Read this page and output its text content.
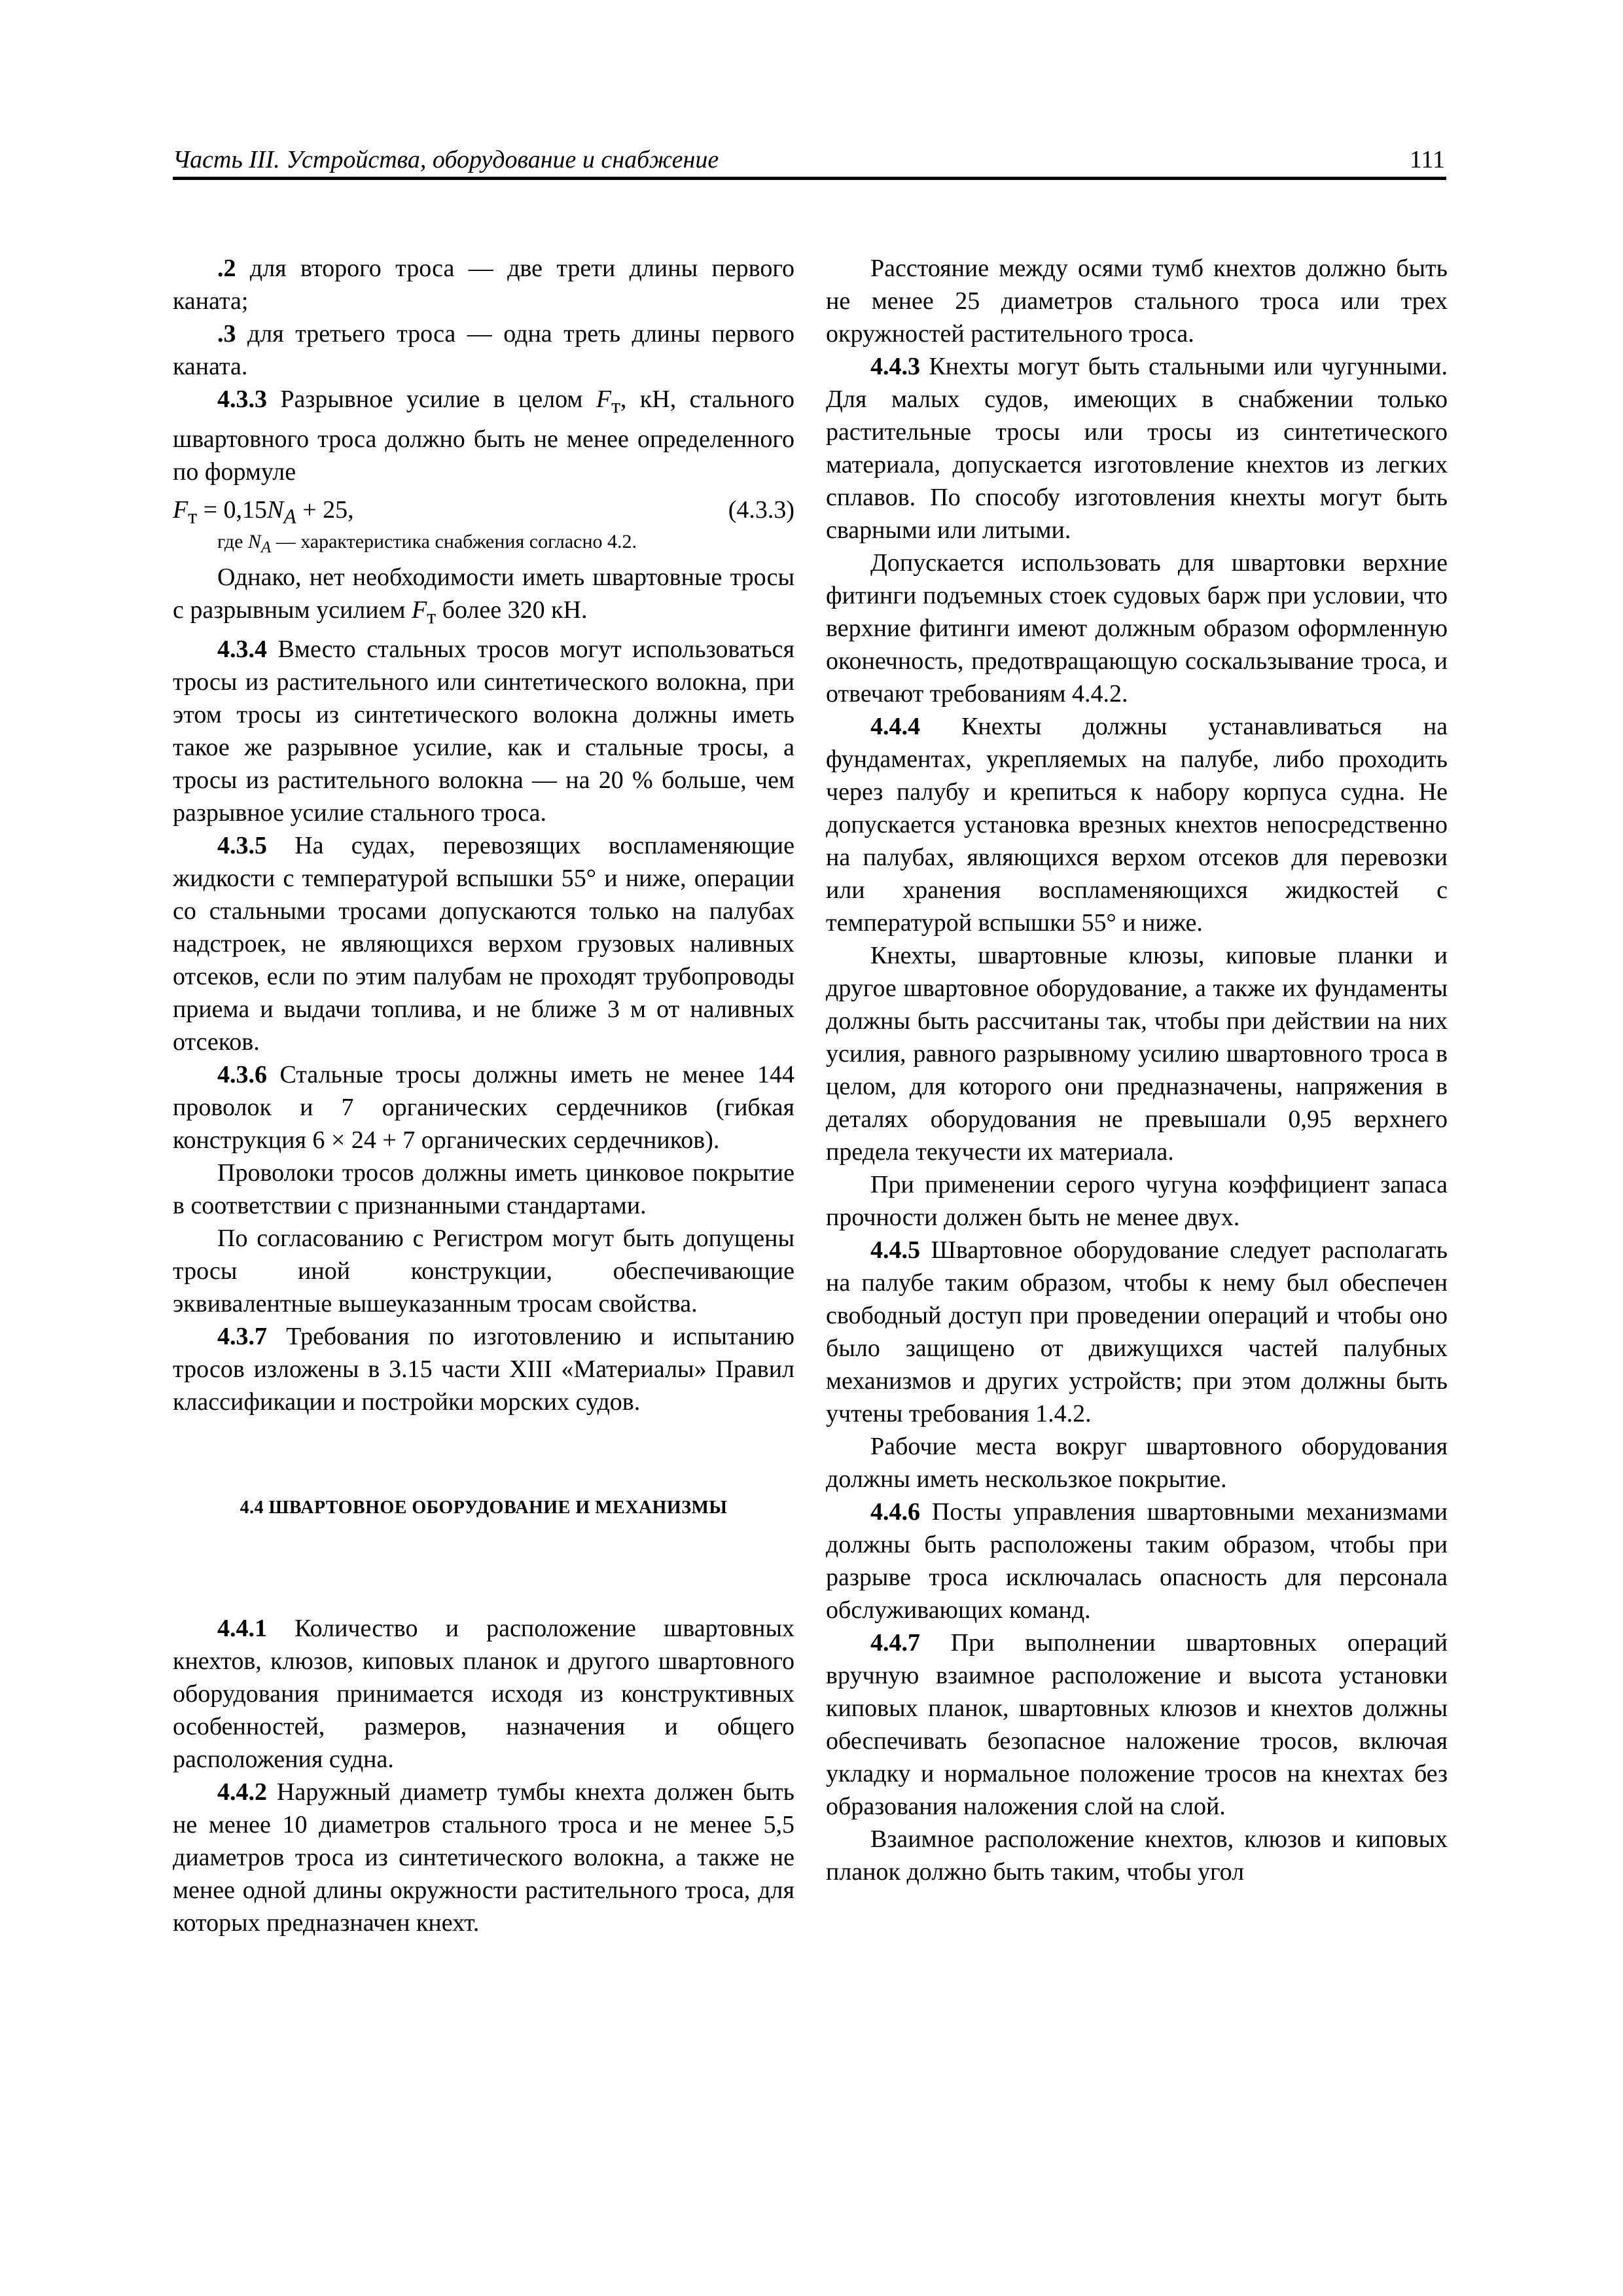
Часть III. Устройства, оборудование и снабжение	111

.2 для второго троса — две трети длины первого каната;

.3 для третьего троса — одна треть длины первого каната.

4.3.3 Разрывное усилие в целом $F_т$, кН, стального швартовного троса должно быть не менее определенного по формуле

$F_т = 0,15N_A + 25$,	(4.3.3)

где $N_A$ — характеристика снабжения согласно 4.2.

Однако, нет необходимости иметь швартовные тросы с разрывным усилием $F_т$ более 320 кН.

4.3.4 Вместо стальных тросов могут использоваться тросы из растительного или синтетического волокна, при этом тросы из синтетического волокна должны иметь такое же разрывное усилие, как и стальные тросы, а тросы из растительного волокна — на 20 % больше, чем разрывное усилие стального троса.

4.3.5 На судах, перевозящих воспламеняющие жидкости с температурой вспышки 55° и ниже, операции со стальными тросами допускаются только на палубах надстроек, не являющихся верхом грузовых наливных отсеков, если по этим палубам не проходят трубопроводы приема и выдачи топлива, и не ближе 3 м от наливных отсеков.

4.3.6 Стальные тросы должны иметь не менее 144 проволок и 7 органических сердечников (гибкая конструкция 6 × 24 + 7 органических сердечников).

Проволоки тросов должны иметь цинковое покрытие в соответствии с признанными стандартами.

По согласованию с Регистром могут быть допущены тросы иной конструкции, обеспечивающие эквивалентные вышеуказанным тросам свойства.

4.3.7 Требования по изготовлению и испытанию тросов изложены в 3.15 части XIII «Материалы» Правил классификации и постройки морских судов.

4.4 ШВАРТОВНОЕ ОБОРУДОВАНИЕ И МЕХАНИЗМЫ

4.4.1 Количество и расположение швартовных кнехтов, клюзов, киповых планок и другого швартовного оборудования принимается исходя из конструктивных особенностей, размеров, назначения и общего расположения судна.

4.4.2 Наружный диаметр тумбы кнехта должен быть не менее 10 диаметров стального троса и не менее 5,5 диаметров троса из синтетического волокна, а также не менее одной длины окружности растительного троса, для которых предназначен кнехт.

Расстояние между осями тумб кнехтов должно быть не менее 25 диаметров стального троса или трех окружностей растительного троса.

4.4.3 Кнехты могут быть стальными или чугунными. Для малых судов, имеющих в снабжении только растительные тросы или тросы из синтетического материала, допускается изготовление кнехтов из легких сплавов. По способу изготовления кнехты могут быть сварными или литыми.

Допускается использовать для швартовки верхние фитинги подъемных стоек судовых барж при условии, что верхние фитинги имеют должным образом оформленную оконечность, предотвращающую соскальзывание троса, и отвечают требованиям 4.4.2.

4.4.4 Кнехты должны устанавливаться на фундаментах, укрепляемых на палубе, либо проходить через палубу и крепиться к набору корпуса судна. Не допускается установка врезных кнехтов непосредственно на палубах, являющихся верхом отсеков для перевозки или хранения воспламеняющихся жидкостей с температурой вспышки 55° и ниже.

Кнехты, швартовные клюзы, киповые планки и другое швартовное оборудование, а также их фундаменты должны быть рассчитаны так, чтобы при действии на них усилия, равного разрывному усилию швартовного троса в целом, для которого они предназначены, напряжения в деталях оборудования не превышали 0,95 верхнего предела текучести их материала.

При применении серого чугуна коэффициент запаса прочности должен быть не менее двух.

4.4.5 Швартовное оборудование следует располагать на палубе таким образом, чтобы к нему был обеспечен свободный доступ при проведении операций и чтобы оно было защищено от движущихся частей палубных механизмов и других устройств; при этом должны быть учтены требования 1.4.2.

Рабочие места вокруг швартовного оборудования должны иметь нескользкое покрытие.

4.4.6 Посты управления швартовными механизмами должны быть расположены таким образом, чтобы при разрыве троса исключалась опасность для персонала обслуживающих команд.

4.4.7 При выполнении швартовных операций вручную взаимное расположение и высота установки киповых планок, швартовных клюзов и кнехтов должны обеспечивать безопасное наложение тросов, включая укладку и нормальное положение тросов на кнехтах без образования наложения слой на слой.

Взаимное расположение кнехтов, клюзов и киповых планок должно быть таким, чтобы угол
